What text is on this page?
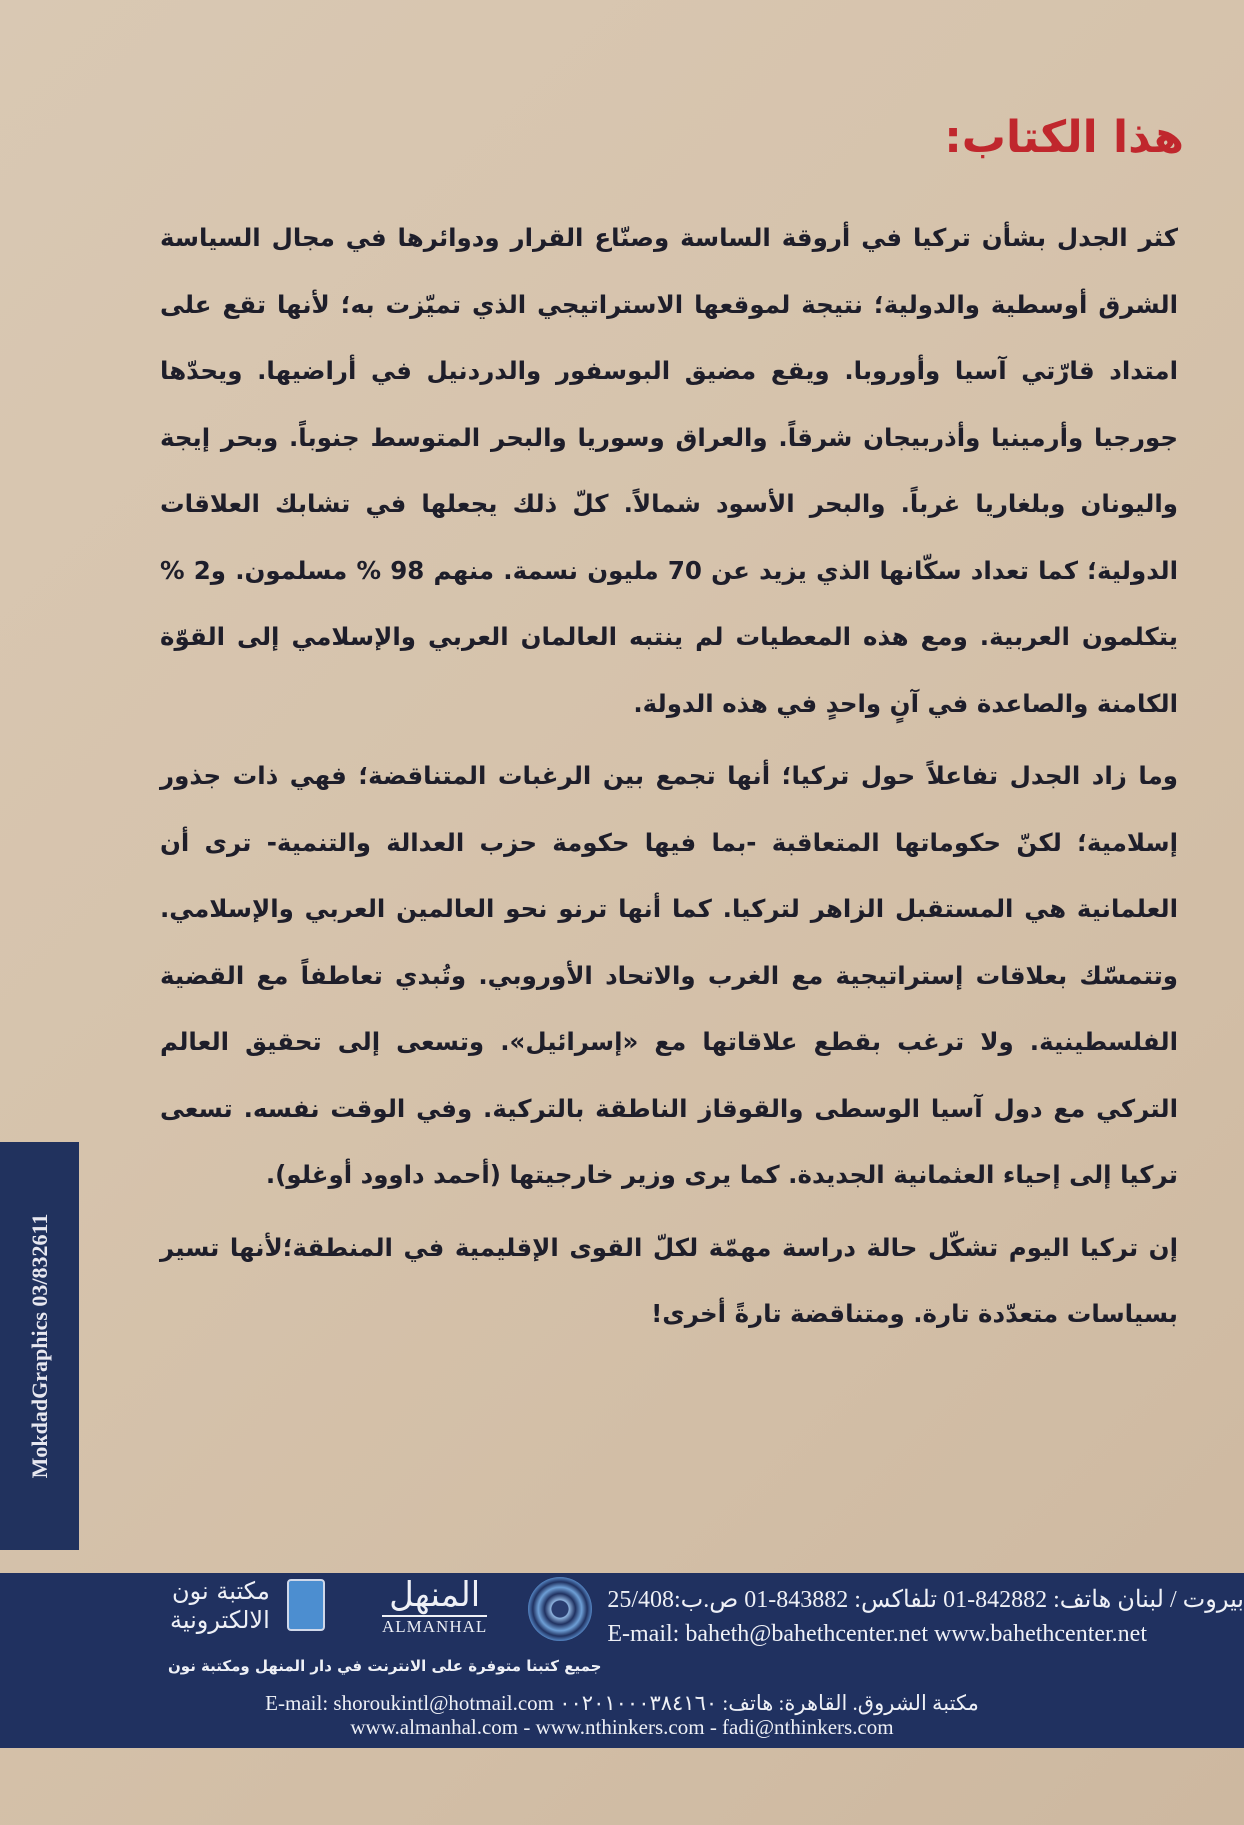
هذا الكتاب:

كثر الجدل بشأن تركيا في أروقة الساسة وصنّاع القرار ودوائرها في مجال السياسة الشرق أوسطية والدولية؛ نتيجة لموقعها الاستراتيجي الذي تميّزت به؛ لأنها تقع على امتداد قارّتي آسيا وأوروبا. ويقع مضيق البوسفور والدردنيل في أراضيها. ويحدّها جورجيا وأرمينيا وأذربيجان شرقاً. والعراق وسوريا والبحر المتوسط جنوباً. وبحر إيجة واليونان وبلغاريا غرباً. والبحر الأسود شمالاً. كلّ ذلك يجعلها في تشابك العلاقات الدولية؛ كما تعداد سكّانها الذي يزيد عن 70 مليون نسمة. منهم 98 % مسلمون. و2 % يتكلمون العربية. ومع هذه المعطيات لم ينتبه العالمان العربي والإسلامي إلى القوّة الكامنة والصاعدة في آنٍ واحدٍ في هذه الدولة.

وما زاد الجدل تفاعلاً حول تركيا؛ أنها تجمع بين الرغبات المتناقضة؛ فهي ذات جذور إسلامية؛ لكنّ حكوماتها المتعاقبة -بما فيها حكومة حزب العدالة والتنمية- ترى أن العلمانية هي المستقبل الزاهر لتركيا. كما أنها ترنو نحو العالمين العربي والإسلامي. وتتمسّك بعلاقات إستراتيجية مع الغرب والاتحاد الأوروبي. وتُبدي تعاطفاً مع القضية الفلسطينية. ولا ترغب بقطع علاقاتها مع «إسرائيل». وتسعى إلى تحقيق العالم التركي مع دول آسيا الوسطى والقوقاز الناطقة بالتركية. وفي الوقت نفسه. تسعى تركيا إلى إحياء العثمانية الجديدة. كما يرى وزير خارجيتها (أحمد داوود أوغلو).

إن تركيا اليوم تشكّل حالة دراسة مهمّة لكلّ القوى الإقليمية في المنطقة؛لأنها تسير بسياسات متعدّدة تارة. ومتناقضة تارةً أخرى!

MokdadGraphics 03/832611
مكتبة نون
الالكترونية
المنهل
ALMANHAL
بيروت / لبنان هاتف: 842882-01 تلفاكس: 843882-01 ص.ب:25/408
E-mail: baheth@bahethcenter.net www.bahethcenter.net
جميع كتبنا متوفرة على الانترنت في دار المنهل ومكتبة نون
مكتبة الشروق. القاهرة: هاتف: ٠٠٢٠١٠٠٠٣٨٤١٦٠ E-mail: shoroukintl@hotmail.com
www.almanhal.com - www.nthinkers.com - fadi@nthinkers.com
